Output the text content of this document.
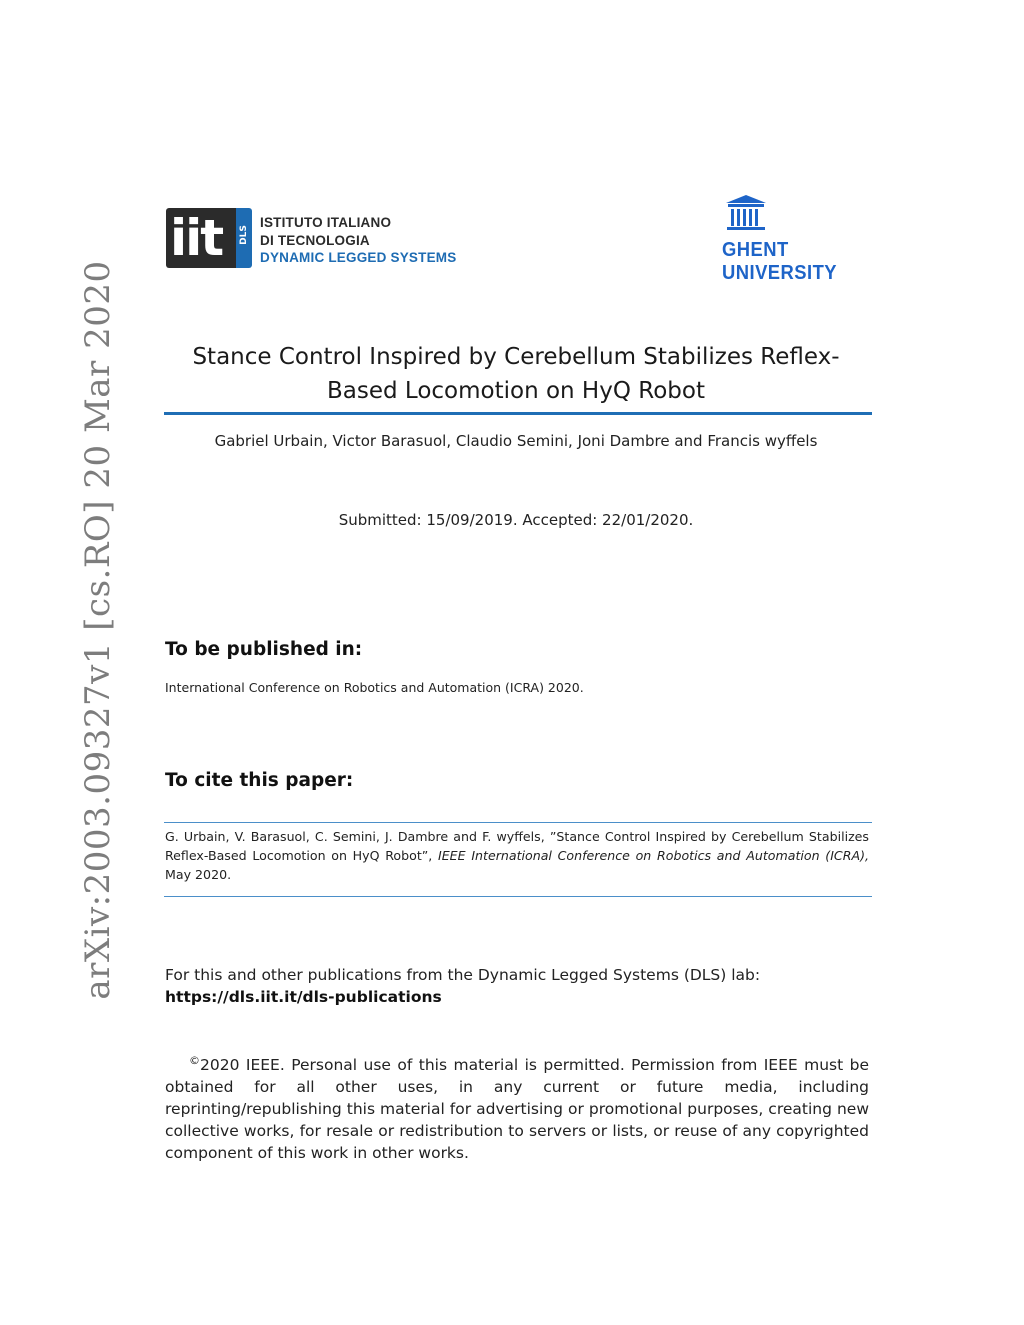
arXiv:2003.09327v1 [cs.RO] 20 Mar 2020
iit DLS
ISTITUTO ITALIANO
DI TECNOLOGIA
DYNAMIC LEGGED SYSTEMS	GHENT
UNIVERSITY
Stance Control Inspired by Cerebellum Stabilizes Reflex-Based Locomotion on HyQ Robot
Gabriel Urbain, Victor Barasuol, Claudio Semini, Joni Dambre and Francis wyffels
Submitted: 15/09/2019. Accepted: 22/01/2020.
To be published in:
International Conference on Robotics and Automation (ICRA) 2020.
To cite this paper:
G. Urbain, V. Barasuol, C. Semini, J. Dambre and F. wyffels, ”Stance Control Inspired by Cerebellum Stabilizes Reflex-Based Locomotion on HyQ Robot”, IEEE International Conference on Robotics and Automation (ICRA), May 2020.
For this and other publications from the Dynamic Legged Systems (DLS) lab:
https://dls.iit.it/dls-publications
©2020 IEEE. Personal use of this material is permitted. Permission from IEEE must be obtained for all other uses, in any current or future media, including reprinting/republishing this material for advertising or promotional purposes, creating new collective works, for resale or redistribution to servers or lists, or reuse of any copyrighted component of this work in other works.
